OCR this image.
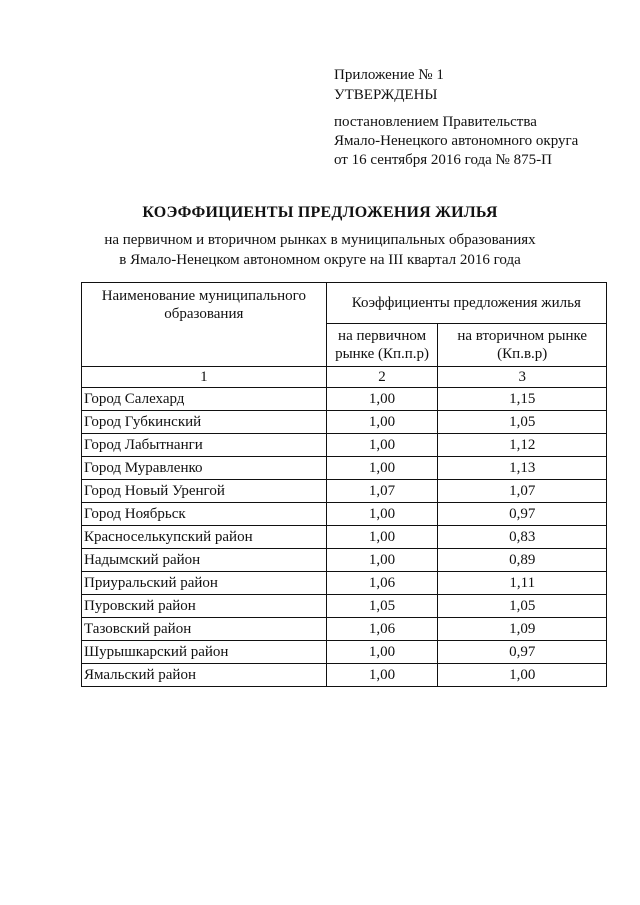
Приложение № 1
УТВЕРЖДЕНЫ
постановлением Правительства
Ямало-Ненецкого автономного округа
от 16 сентября 2016 года № 875-П
КОЭФФИЦИЕНТЫ ПРЕДЛОЖЕНИЯ ЖИЛЬЯ
на первичном и вторичном рынках в муниципальных образованиях
в Ямало-Ненецком автономном округе на III квартал 2016 года
Наименование муниципального образования	Коэффициенты предложения жилья	
	на первичном рынке (Кп.п.р)	на вторичном рынке (Кп.в.р)
1	2	3
Город Салехард	1,00	1,15
Город Губкинский	1,00	1,05
Город Лабытнанги	1,00	1,12
Город Муравленко	1,00	1,13
Город Новый Уренгой	1,07	1,07
Город Ноябрьск	1,00	0,97
Красноселькупский район	1,00	0,83
Надымский район	1,00	0,89
Приуральский район	1,06	1,11
Пуровский район	1,05	1,05
Тазовский район	1,06	1,09
Шурышкарский район	1,00	0,97
Ямальский район	1,00	1,00
